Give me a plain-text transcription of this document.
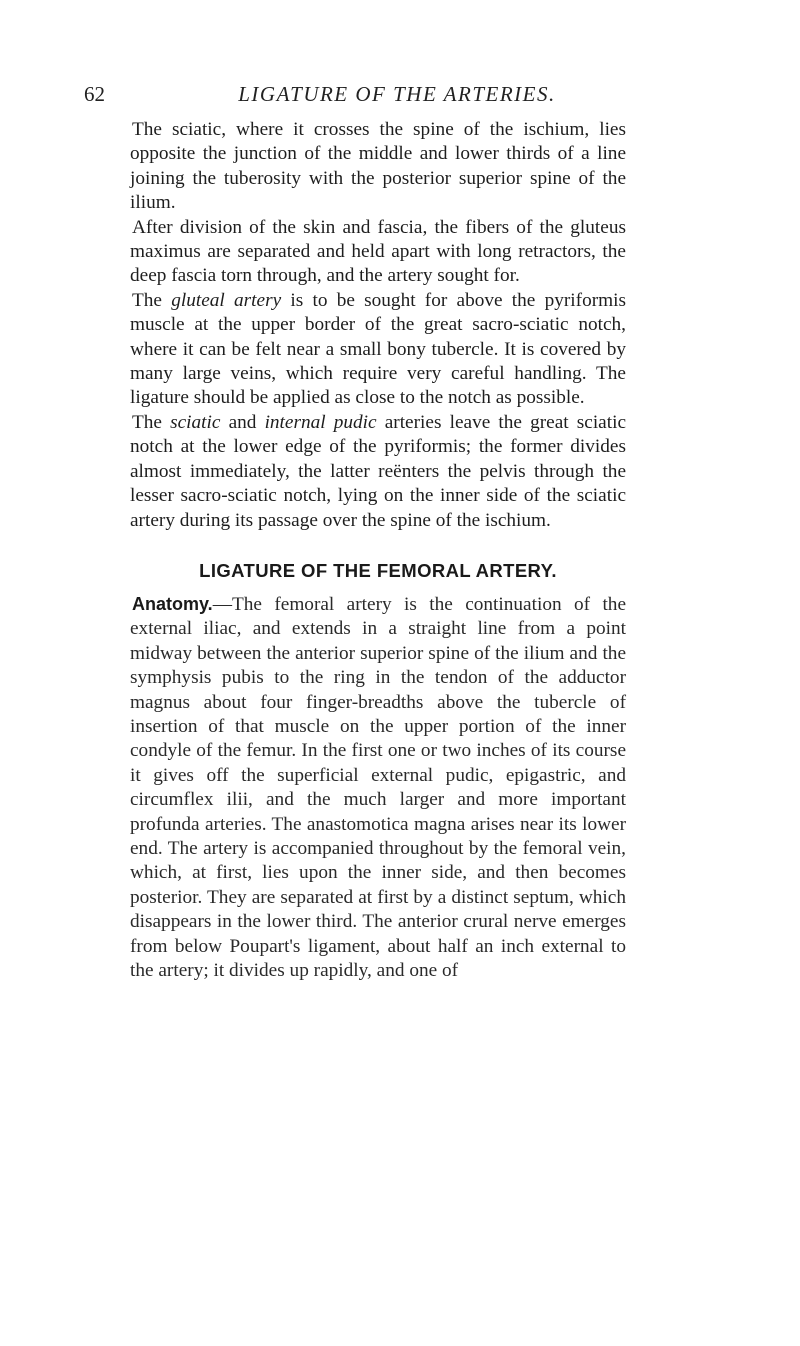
62	LIGATURE OF THE ARTERIES.

The sciatic, where it crosses the spine of the ischium, lies opposite the junction of the middle and lower thirds of a line joining the tuberosity with the posterior superior spine of the ilium.

After division of the skin and fascia, the fibers of the gluteus maximus are separated and held apart with long retractors, the deep fascia torn through, and the artery sought for.

The gluteal artery is to be sought for above the pyriformis muscle at the upper border of the great sacro-sciatic notch, where it can be felt near a small bony tubercle. It is covered by many large veins, which require very careful handling. The ligature should be applied as close to the notch as possible.

The sciatic and internal pudic arteries leave the great sciatic notch at the lower edge of the pyriformis; the former divides almost immediately, the latter reënters the pelvis through the lesser sacro-sciatic notch, lying on the inner side of the sciatic artery during its passage over the spine of the ischium.

LIGATURE OF THE FEMORAL ARTERY.

Anatomy.—The femoral artery is the continuation of the external iliac, and extends in a straight line from a point midway between the anterior superior spine of the ilium and the symphysis pubis to the ring in the tendon of the adductor magnus about four finger-breadths above the tubercle of insertion of that muscle on the upper portion of the inner condyle of the femur. In the first one or two inches of its course it gives off the superficial external pudic, epigastric, and circumflex ilii, and the much larger and more important profunda arteries. The anastomotica magna arises near its lower end. The artery is accompanied throughout by the femoral vein, which, at first, lies upon the inner side, and then becomes posterior. They are separated at first by a distinct septum, which disappears in the lower third. The anterior crural nerve emerges from below Poupart's ligament, about half an inch external to the artery; it divides up rapidly, and one of
